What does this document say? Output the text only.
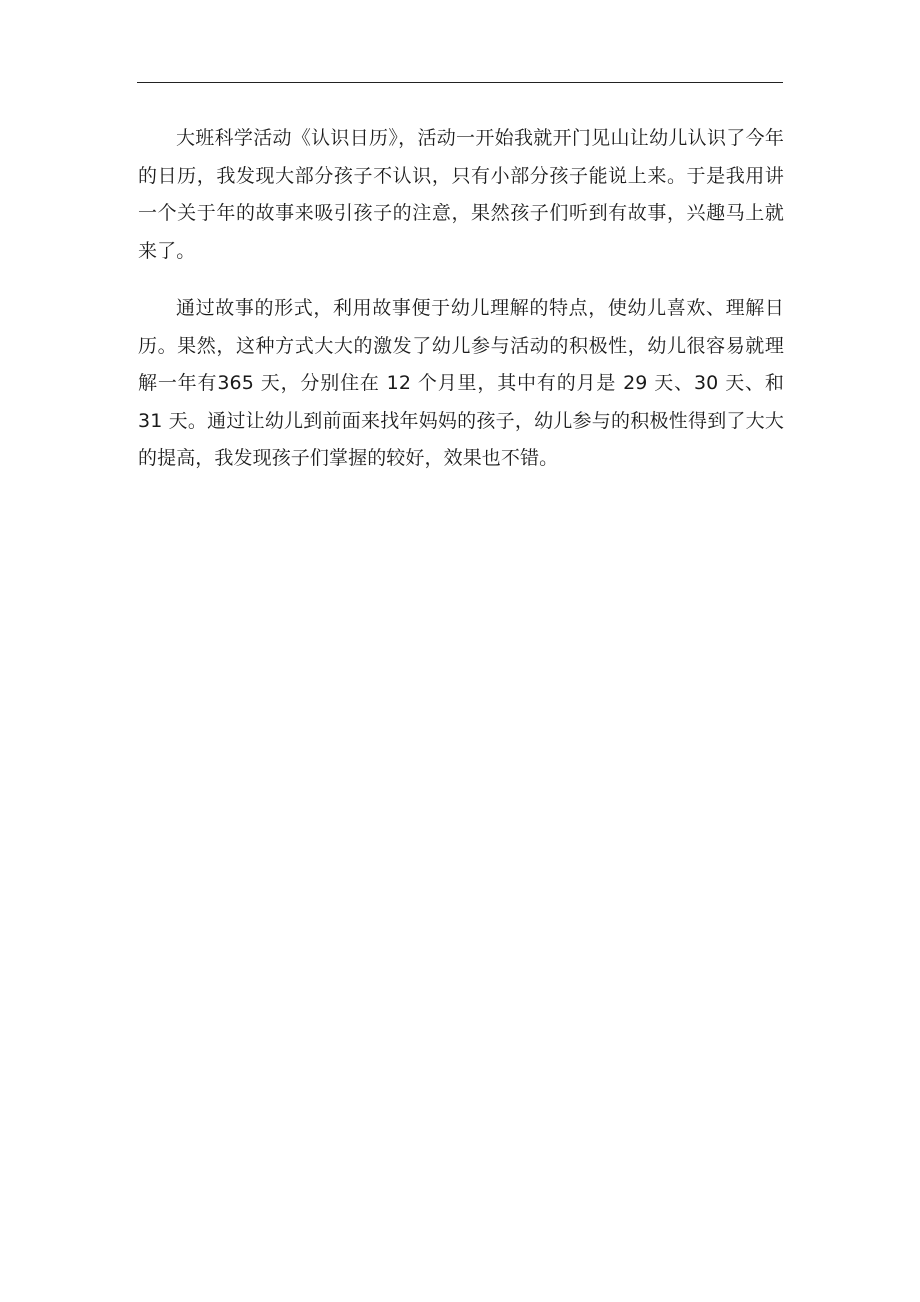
大班科学活动《认识日历》，活动一开始我就开门见山让幼儿认识了今年的日历，我发现大部分孩子不认识，只有小部分孩子能说上来。于是我用讲一个关于年的故事来吸引孩子的注意，果然孩子们听到有故事，兴趣马上就来了。

通过故事的形式，利用故事便于幼儿理解的特点，使幼儿喜欢、理解日历。果然，这种方式大大的激发了幼儿参与活动的积极性，幼儿很容易就理解一年有365 天，分别住在 12 个月里，其中有的月是 29 天、30 天、和 31 天。通过让幼儿到前面来找年妈妈的孩子，幼儿参与的积极性得到了大大的提高，我发现孩子们掌握的较好，效果也不错。
